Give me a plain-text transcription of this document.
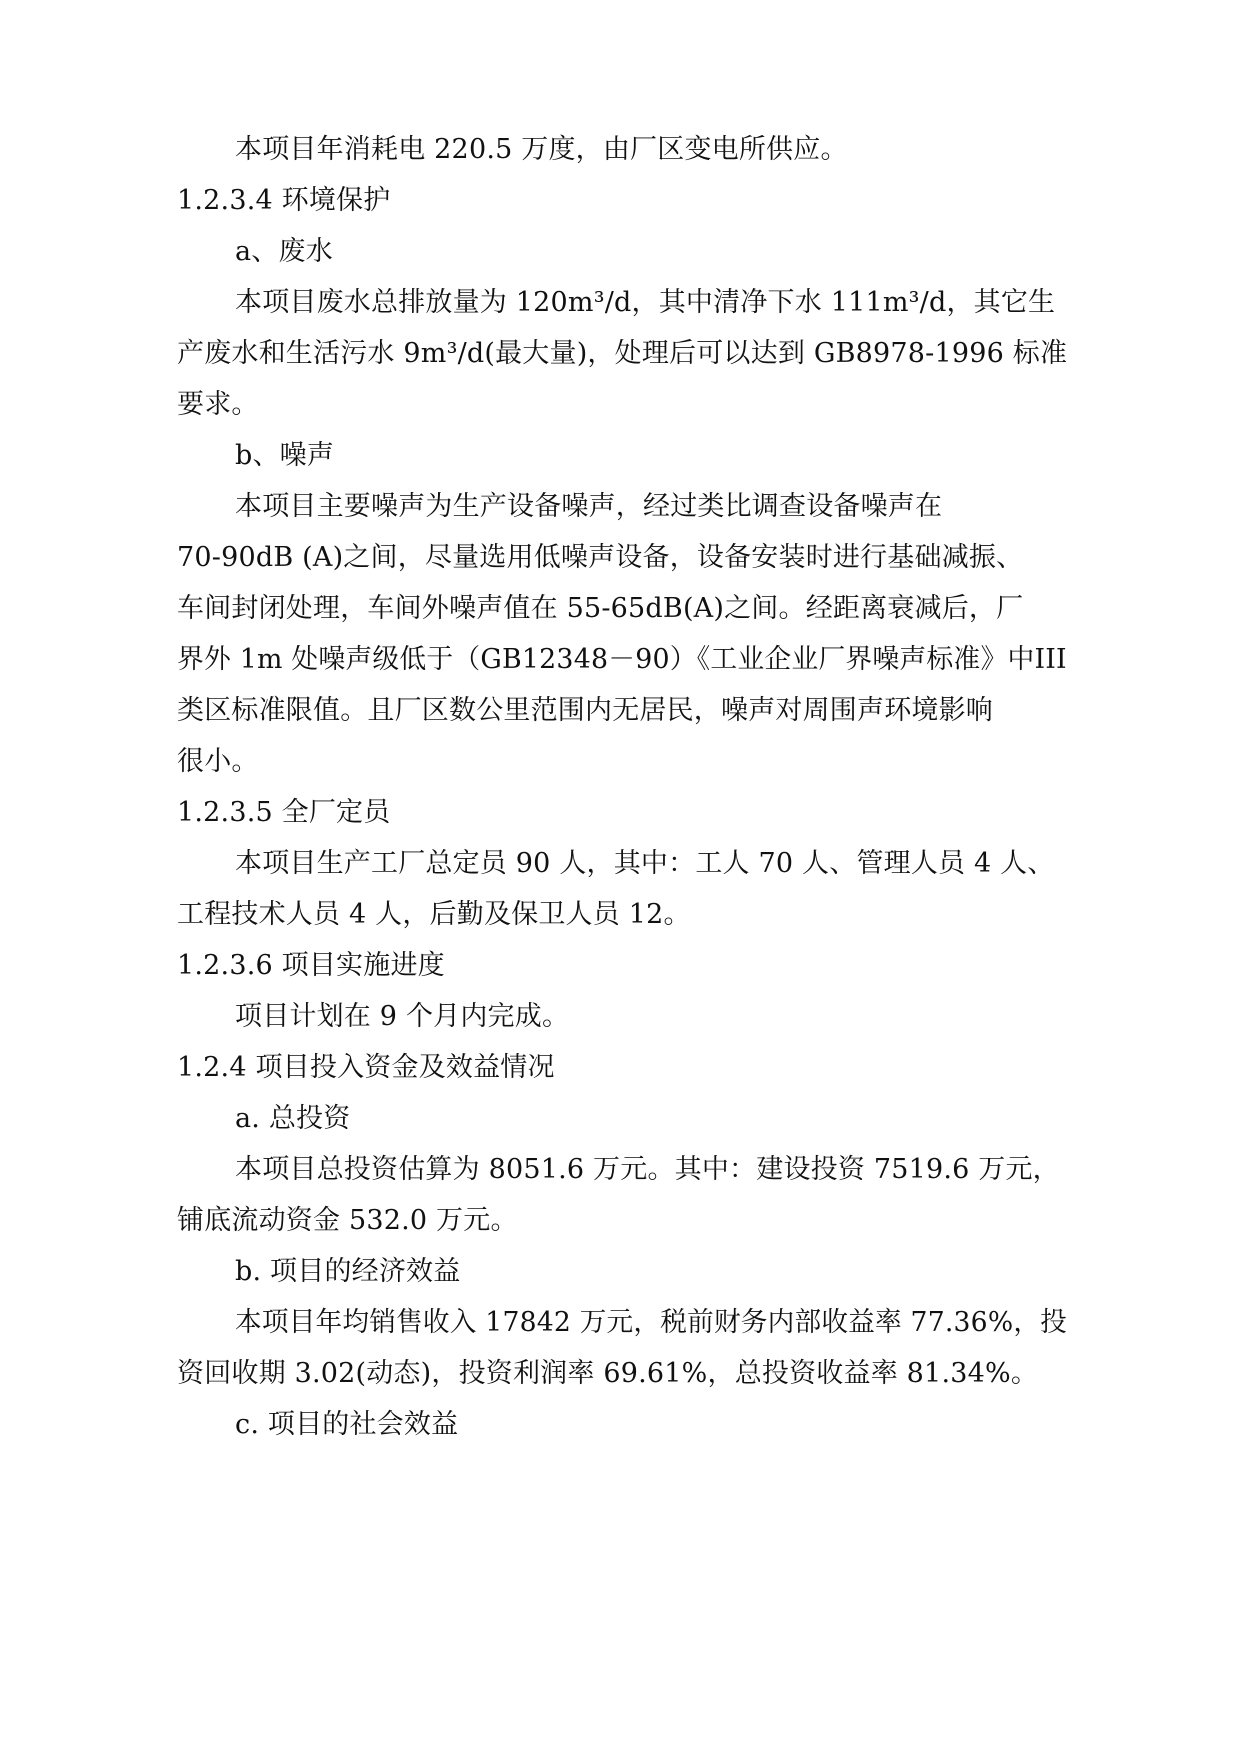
本项目年消耗电 220.5 万度，由厂区变电所供应。
1.2.3.4 环境保护
a、废水
本项目废水总排放量为 120m³/d，其中清净下水 111m³/d，其它生
产废水和生活污水 9m³/d(最大量)，处理后可以达到 GB8978-1996 标准
要求。
b、噪声
本项目主要噪声为生产设备噪声，经过类比调查设备噪声在
70-90dB (A)之间，尽量选用低噪声设备，设备安装时进行基础减振、
车间封闭处理，车间外噪声值在 55-65dB(A)之间。经距离衰减后，厂
界外 1m 处噪声级低于（GB12348－90）《工业企业厂界噪声标准》中III
类区标准限值。且厂区数公里范围内无居民，噪声对周围声环境影响
很小。
1.2.3.5 全厂定员
本项目生产工厂总定员 90 人，其中：工人 70 人、管理人员 4 人、
工程技术人员 4 人，后勤及保卫人员 12。
1.2.3.6 项目实施进度
项目计划在 9 个月内完成。
1.2.4 项目投入资金及效益情况
a. 总投资
本项目总投资估算为 8051.6 万元。其中：建设投资 7519.6 万元，
铺底流动资金 532.0 万元。
b. 项目的经济效益
本项目年均销售收入 17842 万元，税前财务内部收益率 77.36%，投
资回收期 3.02(动态)，投资利润率 69.61%，总投资收益率 81.34%。
c. 项目的社会效益
